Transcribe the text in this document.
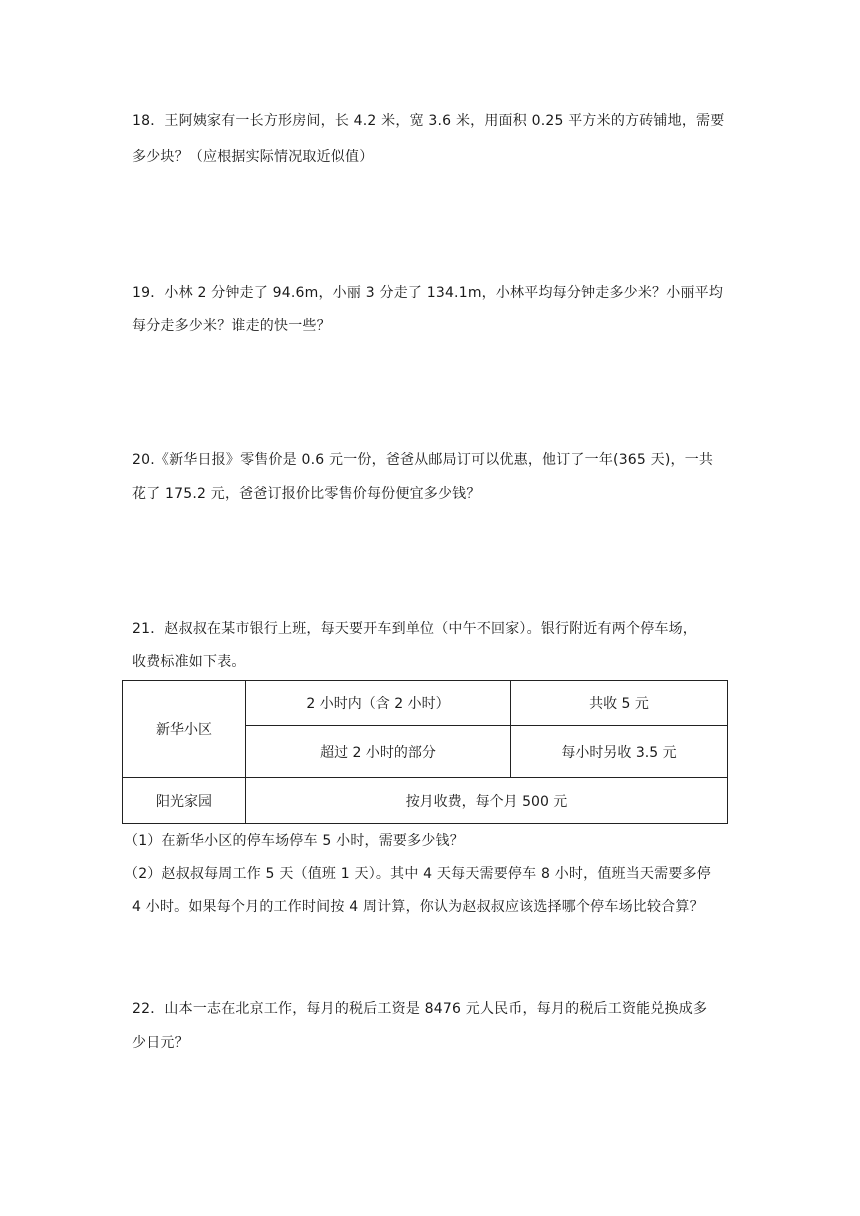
18．王阿姨家有一长方形房间，长 4.2 米，宽 3.6 米，用面积 0.25 平方米的方砖铺地，需要
多少块？（应根据实际情况取近似值）
19．小林 2 分钟走了 94.6m，小丽 3 分走了 134.1m，小林平均每分钟走多少米？小丽平均
每分走多少米？谁走的快一些？
20.《新华日报》零售价是 0.6 元一份，爸爸从邮局订可以优惠，他订了一年(365 天)，一共
花了 175.2 元，爸爸订报价比零售价每份便宜多少钱？
21．赵叔叔在某市银行上班，每天要开车到单位（中午不回家）。银行附近有两个停车场，
收费标准如下表。
新华小区	2 小时内（含 2 小时）	共收 5 元
	超过 2 小时的部分	每小时另收 3.5 元
阳光家园	按月收费，每个月 500 元	
（1）在新华小区的停车场停车 5 小时，需要多少钱？
（2）赵叔叔每周工作 5 天（值班 1 天）。其中 4 天每天需要停车 8 小时，值班当天需要多停
4 小时。如果每个月的工作时间按 4 周计算，你认为赵叔叔应该选择哪个停车场比较合算？
22．山本一志在北京工作，每月的税后工资是 8476 元人民币，每月的税后工资能兑换成多
少日元？
